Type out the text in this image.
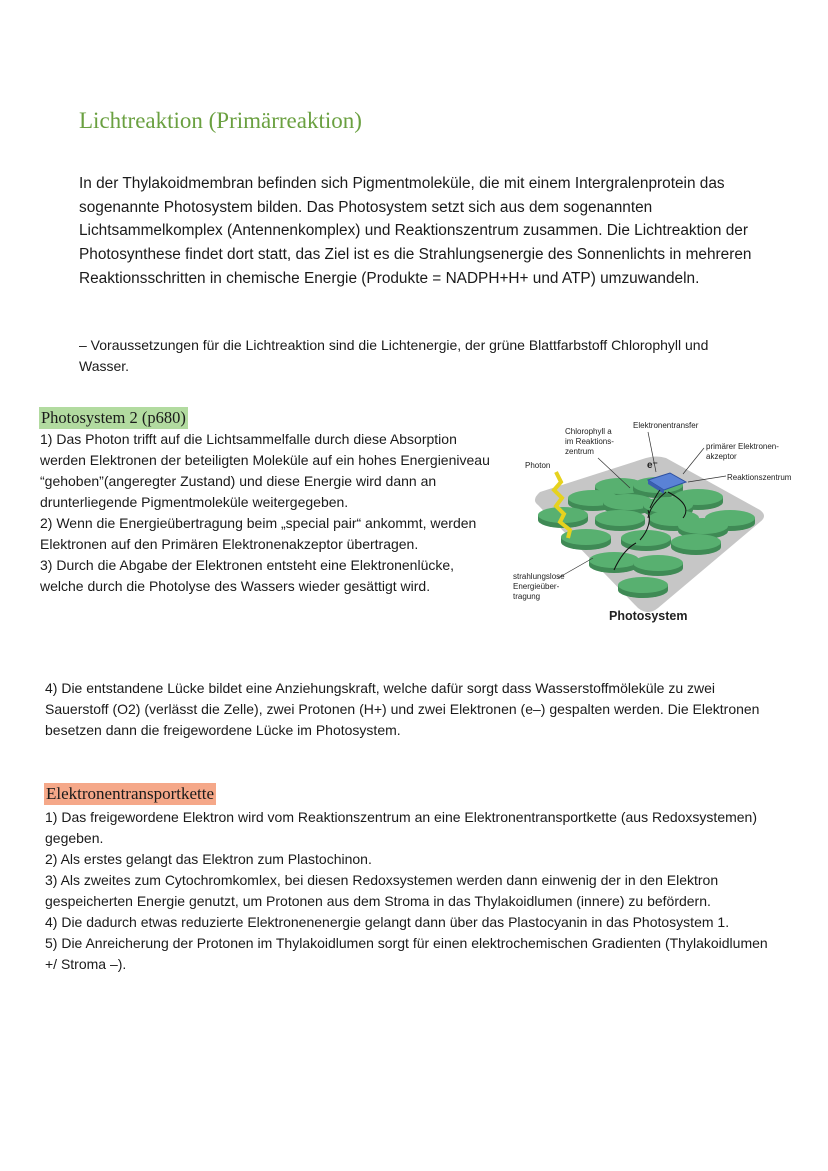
Lichtreaktion (Primärreaktion)

In der Thylakoidmembran befinden sich Pigmentmoleküle, die mit einem Intergralenprotein das sogenannte Photosystem bilden. Das Photosystem setzt sich aus dem sogenannten Lichtsammelkomplex (Antennenkomplex) und Reaktionszentrum zusammen. Die Lichtreaktion der Photosynthese findet dort statt, das Ziel ist es die Strahlungsenergie des Sonnenlichts in mehreren Reaktionsschritten in chemische Energie (Produkte = NADPH+H+ und ATP) umzuwandeln.

– Voraussetzungen für die Lichtreaktion sind die Lichtenergie, der grüne Blattfarbstoff Chlorophyll und Wasser.

Photosystem 2 (p680)
1) Das Photon trifft auf die Lichtsammelfalle durch diese Absorption werden Elektronen der beteiligten Moleküle auf ein hohes Energieniveau “gehoben”(angeregter Zustand) und diese Energie wird dann an drunterliegende Pigmentmoleküle weitergegeben.
2) Wenn die Energieübertragung beim „special pair“ ankommt, werden Elektronen auf den Primären Elektronenakzeptor übertragen.
3) Durch die Abgabe der Elektronen entsteht eine Elektronenlücke, welche durch die Photolyse des Wassers wieder gesättigt wird.
Chlorophyll a
im Reaktions-
zentrum
Elektronentransfer
primärer Elektronen-
akzeptor
Photon	e⁻
Reaktionszentrum
strahlungslose
Energieüber-
tragung
Photosystem

4) Die entstandene Lücke bildet eine Anziehungskraft, welche dafür sorgt dass Wasserstoffmöleküle zu zwei Sauerstoff (O2) (verlässt die Zelle), zwei Protonen (H+) und zwei Elektronen (e–) gespalten werden. Die Elektronen besetzen dann die freigewordene Lücke im Photosystem.

Elektronentransportkette
1) Das freigewordene Elektron wird vom Reaktionszentrum an eine Elektronentransportkette (aus Redoxsystemen) gegeben.
2) Als erstes gelangt das Elektron zum Plastochinon.
3) Als zweites zum Cytochromkomlex, bei diesen Redoxsystemen werden dann einwenig der in den Elektron gespeicherten Energie genutzt, um Protonen aus dem Stroma in das Thylakoidlumen (innere) zu befördern.
4) Die dadurch etwas reduzierte Elektronenenergie gelangt dann über das Plastocyanin in das Photosystem 1.
5) Die Anreicherung der Protonen im Thylakoidlumen sorgt für einen elektrochemischen Gradienten (Thylakoidlumen +/ Stroma –).
